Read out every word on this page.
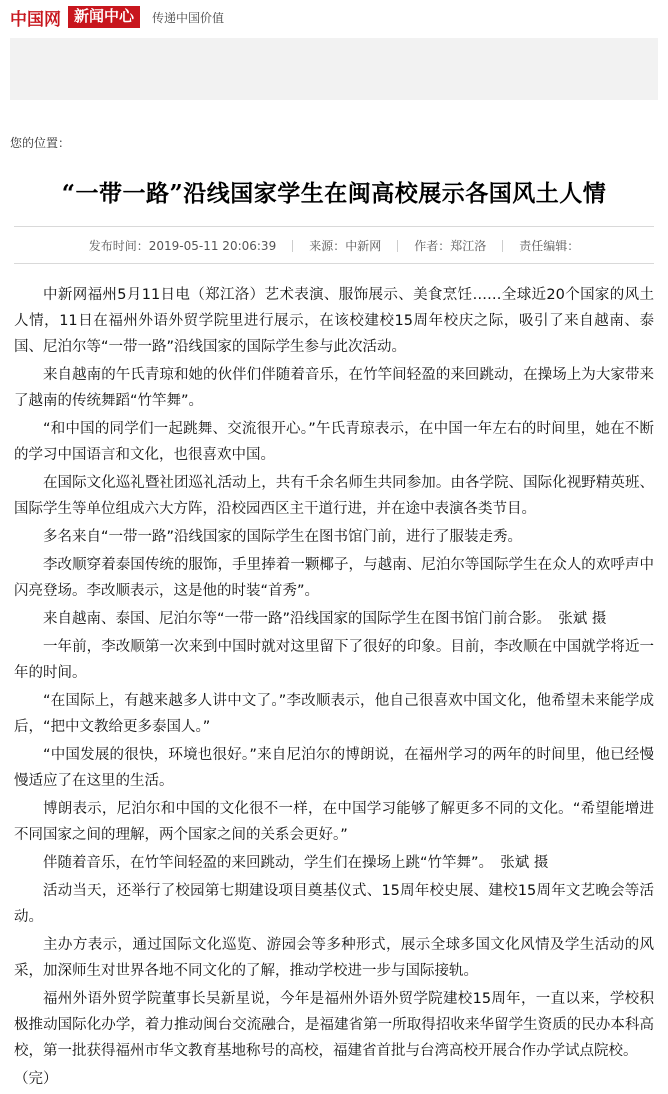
中国网 新闻中心	传递中国价值
您的位置：
“一带一路”沿线国家学生在闽高校展示各国风土人情
发布时间：2019-05-11 20:06:39	来源：中新网	作者：郑江洛	责任编辑：

中新网福州5月11日电（郑江洛）艺术表演、服饰展示、美食烹饪……全球近20个国家的风土人情，11日在福州外语外贸学院里进行展示，在该校建校15周年校庆之际，吸引了来自越南、泰国、尼泊尔等“一带一路”沿线国家的国际学生参与此次活动。

来自越南的午氏青琼和她的伙伴们伴随着音乐，在竹竿间轻盈的来回跳动，在操场上为大家带来了越南的传统舞蹈“竹竿舞”。

“和中国的同学们一起跳舞、交流很开心。”午氏青琼表示，在中国一年左右的时间里，她在不断的学习中国语言和文化，也很喜欢中国。

在国际文化巡礼暨社团巡礼活动上，共有千余名师生共同参加。由各学院、国际化视野精英班、国际学生等单位组成六大方阵，沿校园西区主干道行进，并在途中表演各类节目。

多名来自“一带一路”沿线国家的国际学生在图书馆门前，进行了服装走秀。

李改顺穿着泰国传统的服饰，手里捧着一颗椰子，与越南、尼泊尔等国际学生在众人的欢呼声中闪亮登场。李改顺表示，这是他的时装“首秀”。

来自越南、泰国、尼泊尔等“一带一路”沿线国家的国际学生在图书馆门前合影。　张斌 摄

一年前，李改顺第一次来到中国时就对这里留下了很好的印象。目前，李改顺在中国就学将近一年的时间。

“在国际上，有越来越多人讲中文了。”李改顺表示，他自己很喜欢中国文化，他希望未来能学成后，“把中文教给更多泰国人。”

“中国发展的很快，环境也很好。”来自尼泊尔的博朗说，在福州学习的两年的时间里，他已经慢慢适应了在这里的生活。

博朗表示，尼泊尔和中国的文化很不一样，在中国学习能够了解更多不同的文化。“希望能增进不同国家之间的理解，两个国家之间的关系会更好。”

伴随着音乐，在竹竿间轻盈的来回跳动，学生们在操场上跳“竹竿舞”。　张斌 摄

活动当天，还举行了校园第七期建设项目奠基仪式、15周年校史展、建校15周年文艺晚会等活动。

主办方表示，通过国际文化巡览、游园会等多种形式，展示全球多国文化风情及学生活动的风采，加深师生对世界各地不同文化的了解，推动学校进一步与国际接轨。

福州外语外贸学院董事长吴新星说，今年是福州外语外贸学院建校15周年，一直以来，学校积极推动国际化办学，着力推动闽台交流融合，是福建省第一所取得招收来华留学生资质的民办本科高校，第一批获得福州市华文教育基地称号的高校，福建省首批与台湾高校开展合作办学试点院校。

（完）
